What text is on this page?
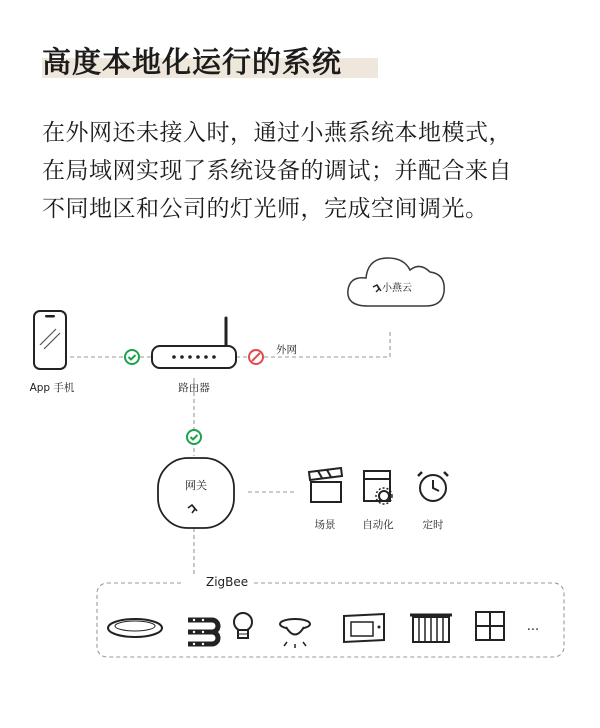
高度本地化运行的系统

在外网还未接入时，通过小燕系统本地模式，
在局域网实现了系统设备的调试；并配合来自
不同地区和公司的灯光师，完成空间调光。

小燕云
外网
App 手机	路由器
网关
场景	自动化	定时
ZigBee
...
